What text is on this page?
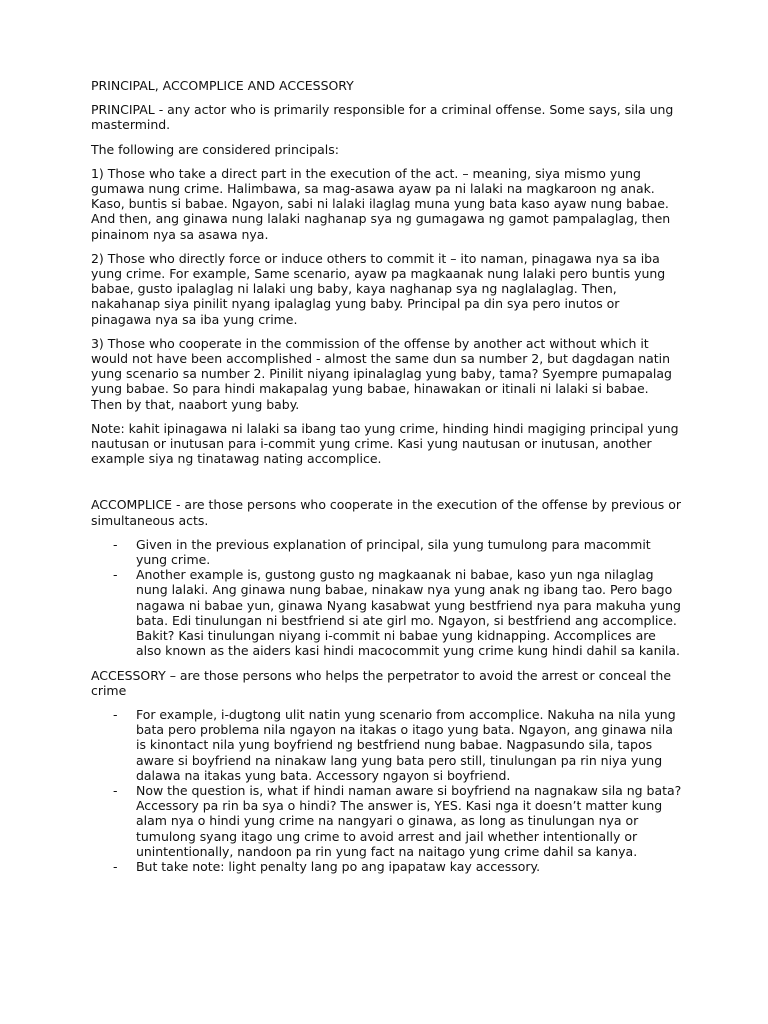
PRINCIPAL, ACCOMPLICE AND ACCESSORY

PRINCIPAL - any actor who is primarily responsible for a criminal offense. Some says, sila ung mastermind.

The following are considered principals:

1) Those who take a direct part in the execution of the act. – meaning, siya mismo yung gumawa nung crime. Halimbawa, sa mag-asawa ayaw pa ni lalaki na magkaroon ng anak. Kaso, buntis si babae. Ngayon, sabi ni lalaki ilaglag muna yung bata kaso ayaw nung babae. And then, ang ginawa nung lalaki naghanap sya ng gumagawa ng gamot pampalaglag, then pinainom nya sa asawa nya.

2) Those who directly force or induce others to commit it – ito naman, pinagawa nya sa iba yung crime. For example, Same scenario, ayaw pa magkaanak nung lalaki pero buntis yung babae, gusto ipalaglag ni lalaki ung baby, kaya naghanap sya ng naglalaglag. Then, nakahanap siya pinilit nyang ipalaglag yung baby. Principal pa din sya pero inutos or pinagawa nya sa iba yung crime.

3) Those who cooperate in the commission of the offense by another act without which it would not have been accomplished - almost the same dun sa number 2, but dagdagan natin yung scenario sa number 2. Pinilit niyang ipinalaglag yung baby, tama? Syempre pumapalag yung babae. So para hindi makapalag yung babae, hinawakan or itinali ni lalaki si babae. Then by that, naabort yung baby.

Note: kahit ipinagawa ni lalaki sa ibang tao yung crime, hinding hindi magiging principal yung nautusan or inutusan para i-commit yung crime. Kasi yung nautusan or inutusan, another example siya ng tinatawag nating accomplice.

ACCOMPLICE - are those persons who cooperate in the execution of the offense by previous or simultaneous acts.

- Given in the previous explanation of principal, sila yung tumulong para macommit yung crime.
- Another example is, gustong gusto ng magkaanak ni babae, kaso yun nga nilaglag nung lalaki. Ang ginawa nung babae, ninakaw nya yung anak ng ibang tao. Pero bago nagawa ni babae yun, ginawa Nyang kasabwat yung bestfriend nya para makuha yung bata. Edi tinulungan ni bestfriend si ate girl mo. Ngayon, si bestfriend ang accomplice. Bakit? Kasi tinulungan niyang i-commit ni babae yung kidnapping. Accomplices are also known as the aiders kasi hindi macocommit yung crime kung hindi dahil sa kanila.

ACCESSORY – are those persons who helps the perpetrator to avoid the arrest or conceal the crime

- For example, i-dugtong ulit natin yung scenario from accomplice. Nakuha na nila yung bata pero problema nila ngayon na itakas o itago yung bata. Ngayon, ang ginawa nila is kinontact nila yung boyfriend ng bestfriend nung babae. Nagpasundo sila, tapos aware si boyfriend na ninakaw lang yung bata pero still, tinulungan pa rin niya yung dalawa na itakas yung bata. Accessory ngayon si boyfriend.
- Now the question is, what if hindi naman aware si boyfriend na nagnakaw sila ng bata? Accessory pa rin ba sya o hindi? The answer is, YES. Kasi nga it doesn’t matter kung alam nya o hindi yung crime na nangyari o ginawa, as long as tinulungan nya or tumulong syang itago ung crime to avoid arrest and jail whether intentionally or unintentionally, nandoon pa rin yung fact na naitago yung crime dahil sa kanya.
- But take note: light penalty lang po ang ipapataw kay accessory.
